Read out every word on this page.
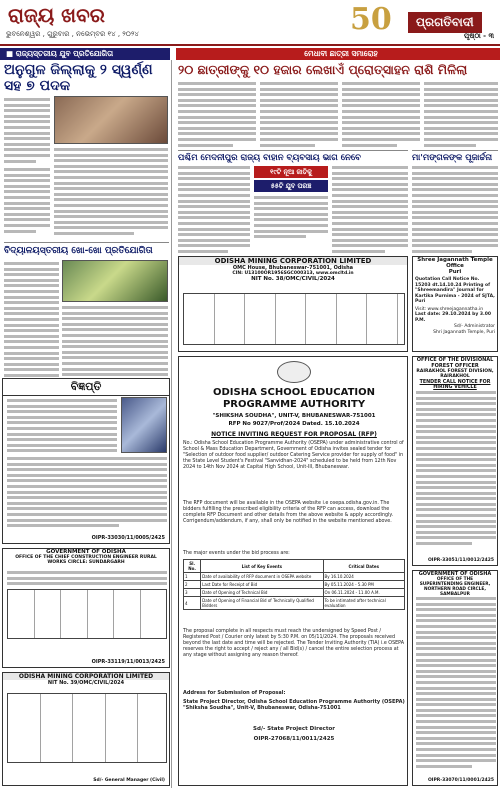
ରାଜ୍ୟ ଖବର
ଭୁବନେଶ୍ୱର , ଗୁରୁବାର , ନଭେମ୍ବର ୧୪ , ୨୦୨୪	50	ପ୍ରଗତିବାଦୀ
ପୃଷ୍ଠା - ୩
■ ରାଜ୍ୟସ୍ତରୀୟ ଯୁବ ପ୍ରତିଯୋଗିତା	ମେଧାବୀ ଛାତ୍ରୀ ସମାରୋହ
ଅନୁଗୁଳ ଜିଲ୍ଲାକୁ ୨ ସ୍ୱର୍ଣ୍ଣ ସହ ୭ ପଦକ
ବିଦ୍ୟାଳୟସ୍ତରୀୟ ଖୋ-ଖୋ ପ୍ରତିଯୋଗିତା
ବିଜ୍ଞପ୍ତି
OIPR-33030/11/0005/2425
GOVERNMENT OF ODISHA
OFFICE OF THE CHIEF CONSTRUCTION ENGINEER RURAL WORKS CIRCLE: SUNDARGARH
OIPR-33119/11/0013/2425
ODISHA MINING CORPORATION LIMITED
NIT No. 39/OMC/CIVIL/2024
Sd/- General Manager (Civil)
୨୦ ଛାତ୍ରୀଙ୍କୁ ୧୦ ହଜାର ଲେଖାଏଁ ପ୍ରୋତ୍ସାହନ ରାଶି ମିଳିଲା
ପଶ୍ଚିମ ମେଦନୀପୁର ରାଜ୍ୟ ବାହାନ ବ୍ୟବସାୟ ଭାଗ ନେବେ	ମା'ମଙ୍ଗଳଙ୍କ ପୂଜାର୍ଚ୍ଚନା
୧୯ଟି ନୂଆ ଜାତିକୁ
୫୫ଟି ଯୁବ ପରଞ୍ଚ
ODISHA MINING CORPORATION LIMITED
OMC House, Bhubaneswar-751001, Odisha
CIN: U13100OR1956SGC000313, www.omcltd.in
NIT No. 38/OMC/CIVIL/2024
Shree Jagannath Temple Office
Puri
Quotation Call Notice No. 15203 dt.14.10.24 Printing of "Shreemandira" Journal for Kartika Purnima - 2024 of SJTA, Puri
Visit: www.shreejagannatha.in
Last date: 29.10.2024 by 3.00 P.M.
Sd/- Administrator
Shri Jagannath Temple, Puri
ODISHA SCHOOL EDUCATION PROGRAMME AUTHORITY
"SHIKSHA SOUDHA", UNIT-V, BHUBANESWAR-751001
RFP No 9027/Prof/2024 Dated. 15.10.2024
NOTICE INVITING REQUEST FOR PROPOSAL (RFP)
No.: Odisha School Education Programme Authority (OSEPA) under administrative control of School & Mass Education Department, Government of Odisha invites sealed tender for "Selection of outdoor food supplier/ outdoor Catering Service provider for supply of food" in the State Level Student's Festival "Sanvidhan-2024" scheduled to be held from 12th Nov 2024 to 14th Nov 2024 at Capital High School, Unit-III, Bhubaneswar.
The RFP document will be available in the OSEPA website i.e osepa.odisha.gov.in. The bidders fulfilling the prescribed eligibility criteria of the RFP can access, download the complete RFP Document and other details from the above website & apply accordingly. Corrigendum/addendum, if any, shall only be notified in the website mentioned above.
The major events under the bid process are:
Sl. No.	List of Key Events	Critical Dates
1	Date of availability of RFP document in OSEPA website	By 16.10.2024
2	Last Date for Receipt of Bid	By 05.11.2024 - 5.30 PM
3	Date of Opening of Technical Bid	On 06.11.2024 - 11.00 A.M.
4	Date of Opening of Financial Bid of Technically Qualified Bidders	To be intimated after technical evaluation
The proposal complete in all respects must reach the undersigned by Speed Post / Registered Post / Courier only latest by 5:30 P.M. on 05/11/2024. The proposals received beyond the last date and time will be rejected. The Tender Inviting Authority (TIA) i.e OSEPA reserves the right to accept / reject any / all Bid(s) / cancel the entire selection process at any stage without assigning any reason thereof.
Address for Submission of Proposal:
State Project Director, Odisha School Education Programme Authority (OSEPA) "Shiksha Soudha", Unit-V, Bhubaneswar, Odisha-751001
Sd/- State Project Director
OIPR-27068/11/0011/2425
OFFICE OF THE DIVISIONAL FOREST OFFICER
RAIRAKHOL FOREST DIVISION, RAIRAKHOL
TENDER CALL NOTICE FOR HIRING VEHICLE
OIPR-33051/11/0012/2425
GOVERNMENT OF ODISHA
OFFICE OF THE SUPERINTENDING ENGINEER, NORTHERN ROAD CIRCLE, SAMBALPUR
OIPR-33070/11/0001/2425
